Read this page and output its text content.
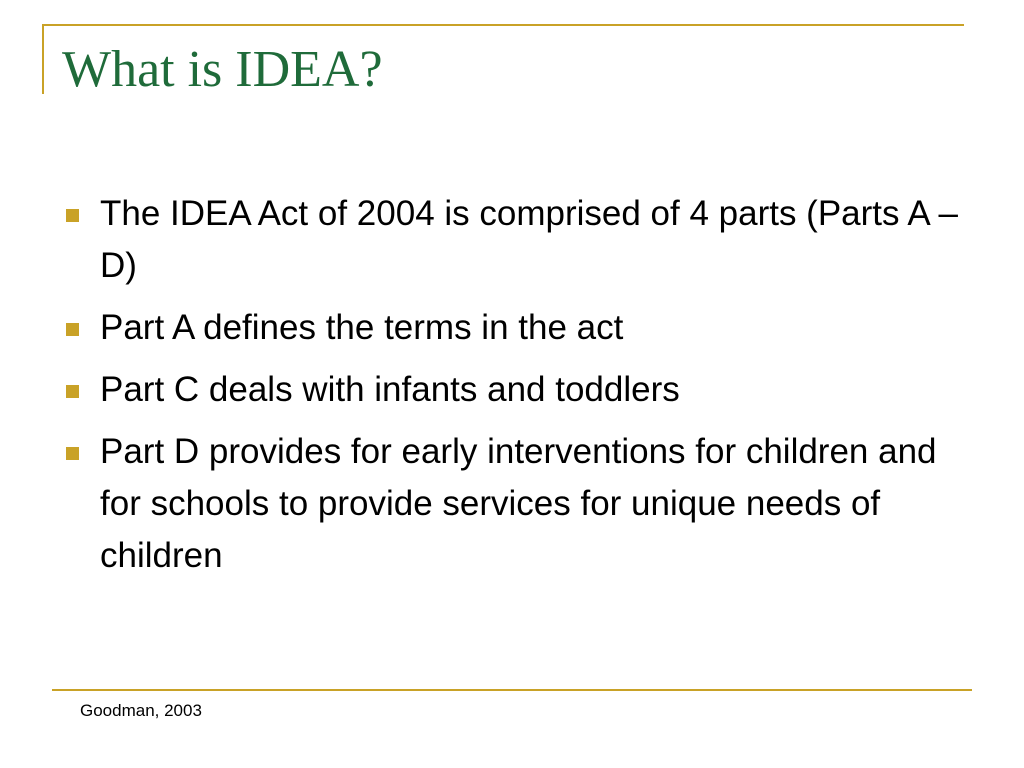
What is IDEA?
The IDEA Act of 2004 is comprised of 4 parts (Parts A – D)
Part A defines the terms in the act
Part C deals with infants and toddlers
Part D provides for early interventions for children and for schools to provide services for unique needs of children
Goodman, 2003
